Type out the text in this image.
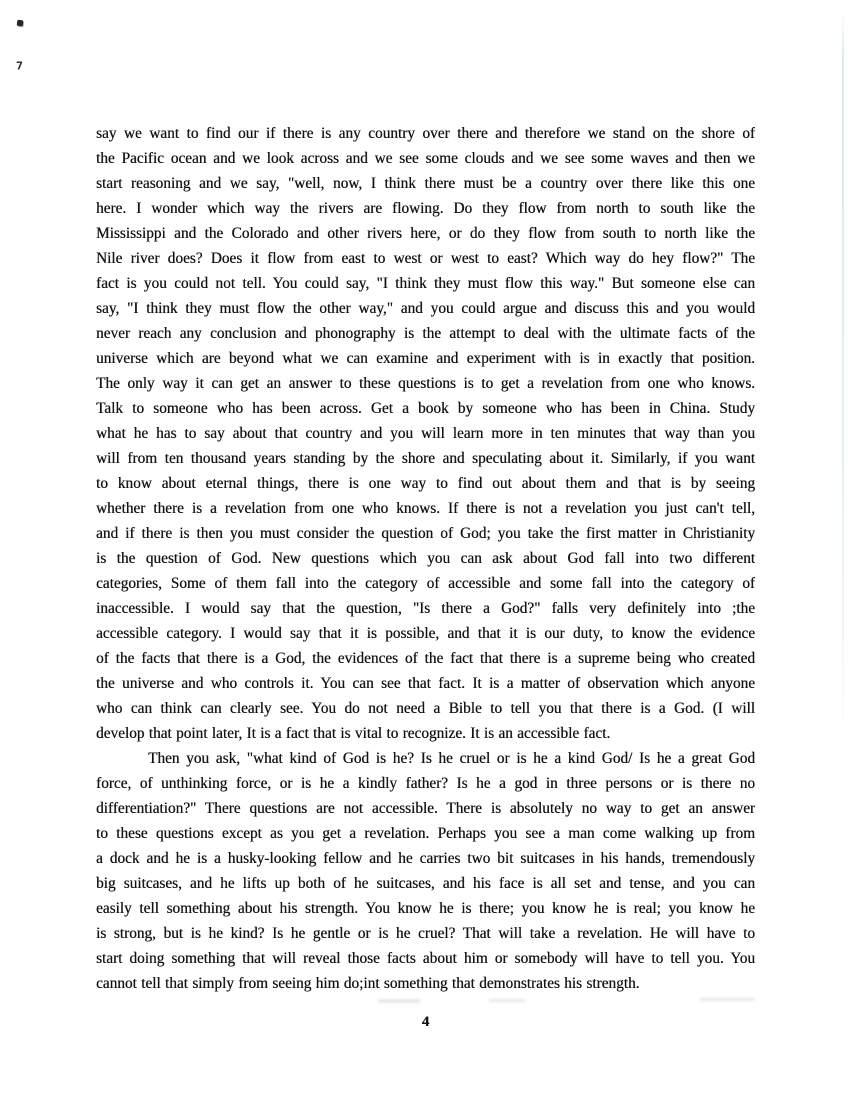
7
say we want to find our if there is any country over there and therefore we stand on the shore of
the Pacific ocean and we look across and we see some clouds and we see some waves and then we
start reasoning and we say, "well, now, I think there must be a country over there like this one
here. I wonder which way the rivers are flowing. Do they flow from north to south like the
Mississippi and the Colorado and other rivers here, or do they flow from south to north like the
Nile river does? Does it flow from east to west or west to east? Which way do hey flow?" The
fact is you could not tell. You could say, "I think they must flow this way." But someone else can
say, "I think they must flow the other way," and you could argue and discuss this and you would
never reach any conclusion and phonography is the attempt to deal with the ultimate facts of the
universe which are beyond what we can examine and experiment with is in exactly that position.
The only way it can get an answer to these questions is to get a revelation from one who knows.
Talk to someone who has been across. Get a book by someone who has been in China. Study
what he has to say about that country and you will learn more in ten minutes that way than you
will from ten thousand years standing by the shore and speculating about it. Similarly, if you want
to know about eternal things, there is one way to find out about them and that is by seeing
whether there is a revelation from one who knows. If there is not a revelation you just can't tell,
and if there is then you must consider the question of God; you take the first matter in Christianity
is the question of God. New questions which you can ask about God fall into two different
categories, Some of them fall into the category of accessible and some fall into the category of
inaccessible. I would say that the question, "Is there a God?" falls very definitely into ;the
accessible category. I would say that it is possible, and that it is our duty, to know the evidence
of the facts that there is a God, the evidences of the fact that there is a supreme being who created
the universe and who controls it. You can see that fact. It is a matter of observation which anyone
who can think can clearly see. You do not need a Bible to tell you that there is a God. (I will
develop that point later, It is a fact that is vital to recognize. It is an accessible fact.
Then you ask, "what kind of God is he? Is he cruel or is he a kind God/ Is he a great God
force, of unthinking force, or is he a kindly father? Is he a god in three persons or is there no
differentiation?" There questions are not accessible. There is absolutely no way to get an answer
to these questions except as you get a revelation. Perhaps you see a man come walking up from
a dock and he is a husky-looking fellow and he carries two bit suitcases in his hands, tremendously
big suitcases, and he lifts up both of he suitcases, and his face is all set and tense, and you can
easily tell something about his strength. You know he is there; you know he is real; you know he
is strong, but is he kind? Is he gentle or is he cruel? That will take a revelation. He will have to
start doing something that will reveal those facts about him or somebody will have to tell you. You
cannot tell that simply from seeing him do;int something that demonstrates his strength.
4
